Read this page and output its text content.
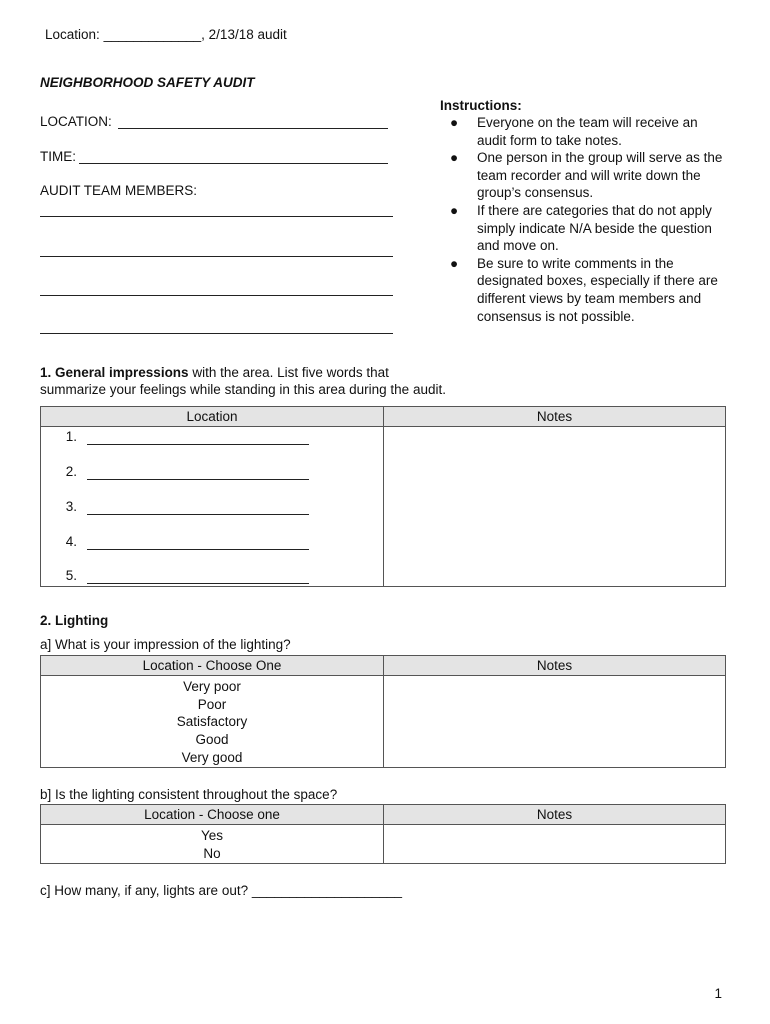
Location: _____________, 2/13/18 audit
NEIGHBORHOOD SAFETY AUDIT
LOCATION:
TIME:
AUDIT TEAM MEMBERS:
Instructions:
● Everyone on the team will receive an audit form to take notes.
● One person in the group will serve as the team recorder and will write down the group’s consensus.
● If there are categories that do not apply simply indicate N/A beside the question and move on.
● Be sure to write comments in the designated boxes, especially if there are different views by team members and consensus is not possible.
1. General impressions with the area. List five words that
summarize your feelings while standing in this area during the audit.
Location	Notes

1.
2.
3.
4.
5.	

2. Lighting
a] What is your impression of the lighting?
Location - Choose One	Notes

Very poor
Poor
Satisfactory
Good
Very good	

b] Is the lighting consistent throughout the space?
Location - Choose one	Notes

Yes
No	

c] How many, if any, lights are out? ____________________
1
